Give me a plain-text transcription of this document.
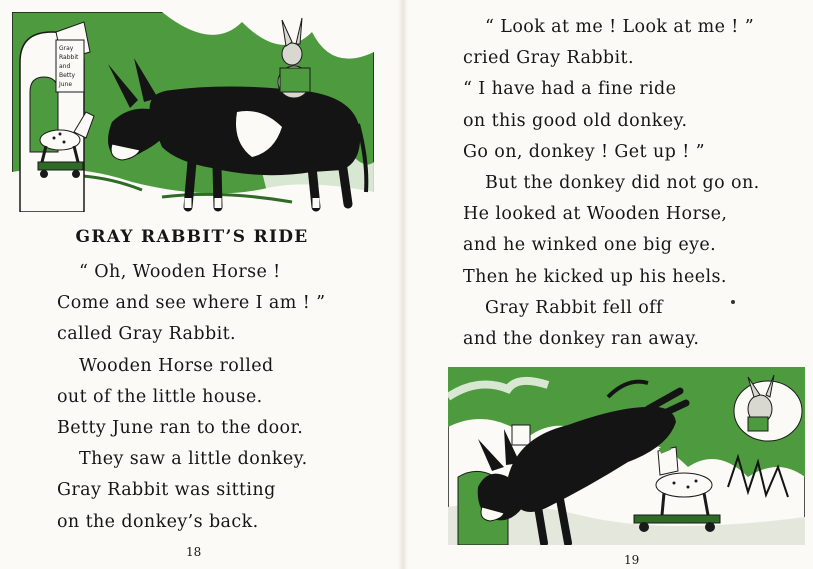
Gray
Rabbit
and
Betty
June
GRAY RABBIT’S RIDE
“ Oh, Wooden Horse !
Come and see where I am ! ”
called Gray Rabbit.
Wooden Horse rolled
out of the little house.
Betty June ran to the door.
They saw a little donkey.
Gray Rabbit was sitting
on the donkey’s back.
18
“ Look at me ! Look at me ! ”
cried Gray Rabbit.
“ I have had a fine ride
on this good old donkey.
Go on, donkey ! Get up ! ”
But the donkey did not go on.
He looked at Wooden Horse,
and he winked one big eye.
Then he kicked up his heels.
Gray Rabbit fell off
and the donkey ran away.
19
